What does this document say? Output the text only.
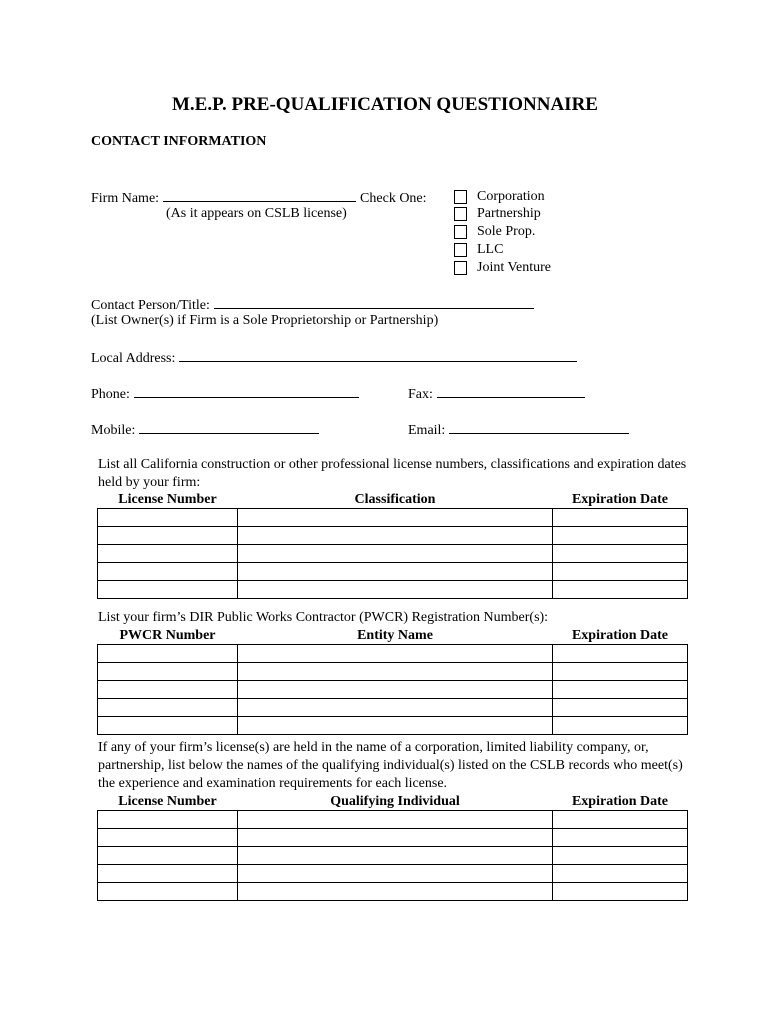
M.E.P. PRE-QUALIFICATION QUESTIONNAIRE
CONTACT INFORMATION
Firm Name:	Check One:
(As it appears on CSLB license)
Corporation
Partnership
Sole Prop.
LLC
Joint Venture
Contact Person/Title:
(List Owner(s) if Firm is a Sole Proprietorship or Partnership)
Local Address:
Phone:	Fax:
Mobile:	Email:
List all California construction or other professional license numbers, classifications and expiration dates held by your firm:
License Number	Classification	Expiration Date

List your firm’s DIR Public Works Contractor (PWCR) Registration Number(s):
PWCR Number	Entity Name	Expiration Date

If any of your firm’s license(s) are held in the name of a corporation, limited liability company, or, partnership, list below the names of the qualifying individual(s) listed on the CSLB records who meet(s) the experience and examination requirements for each license.
License Number	Qualifying Individual	Expiration Date
